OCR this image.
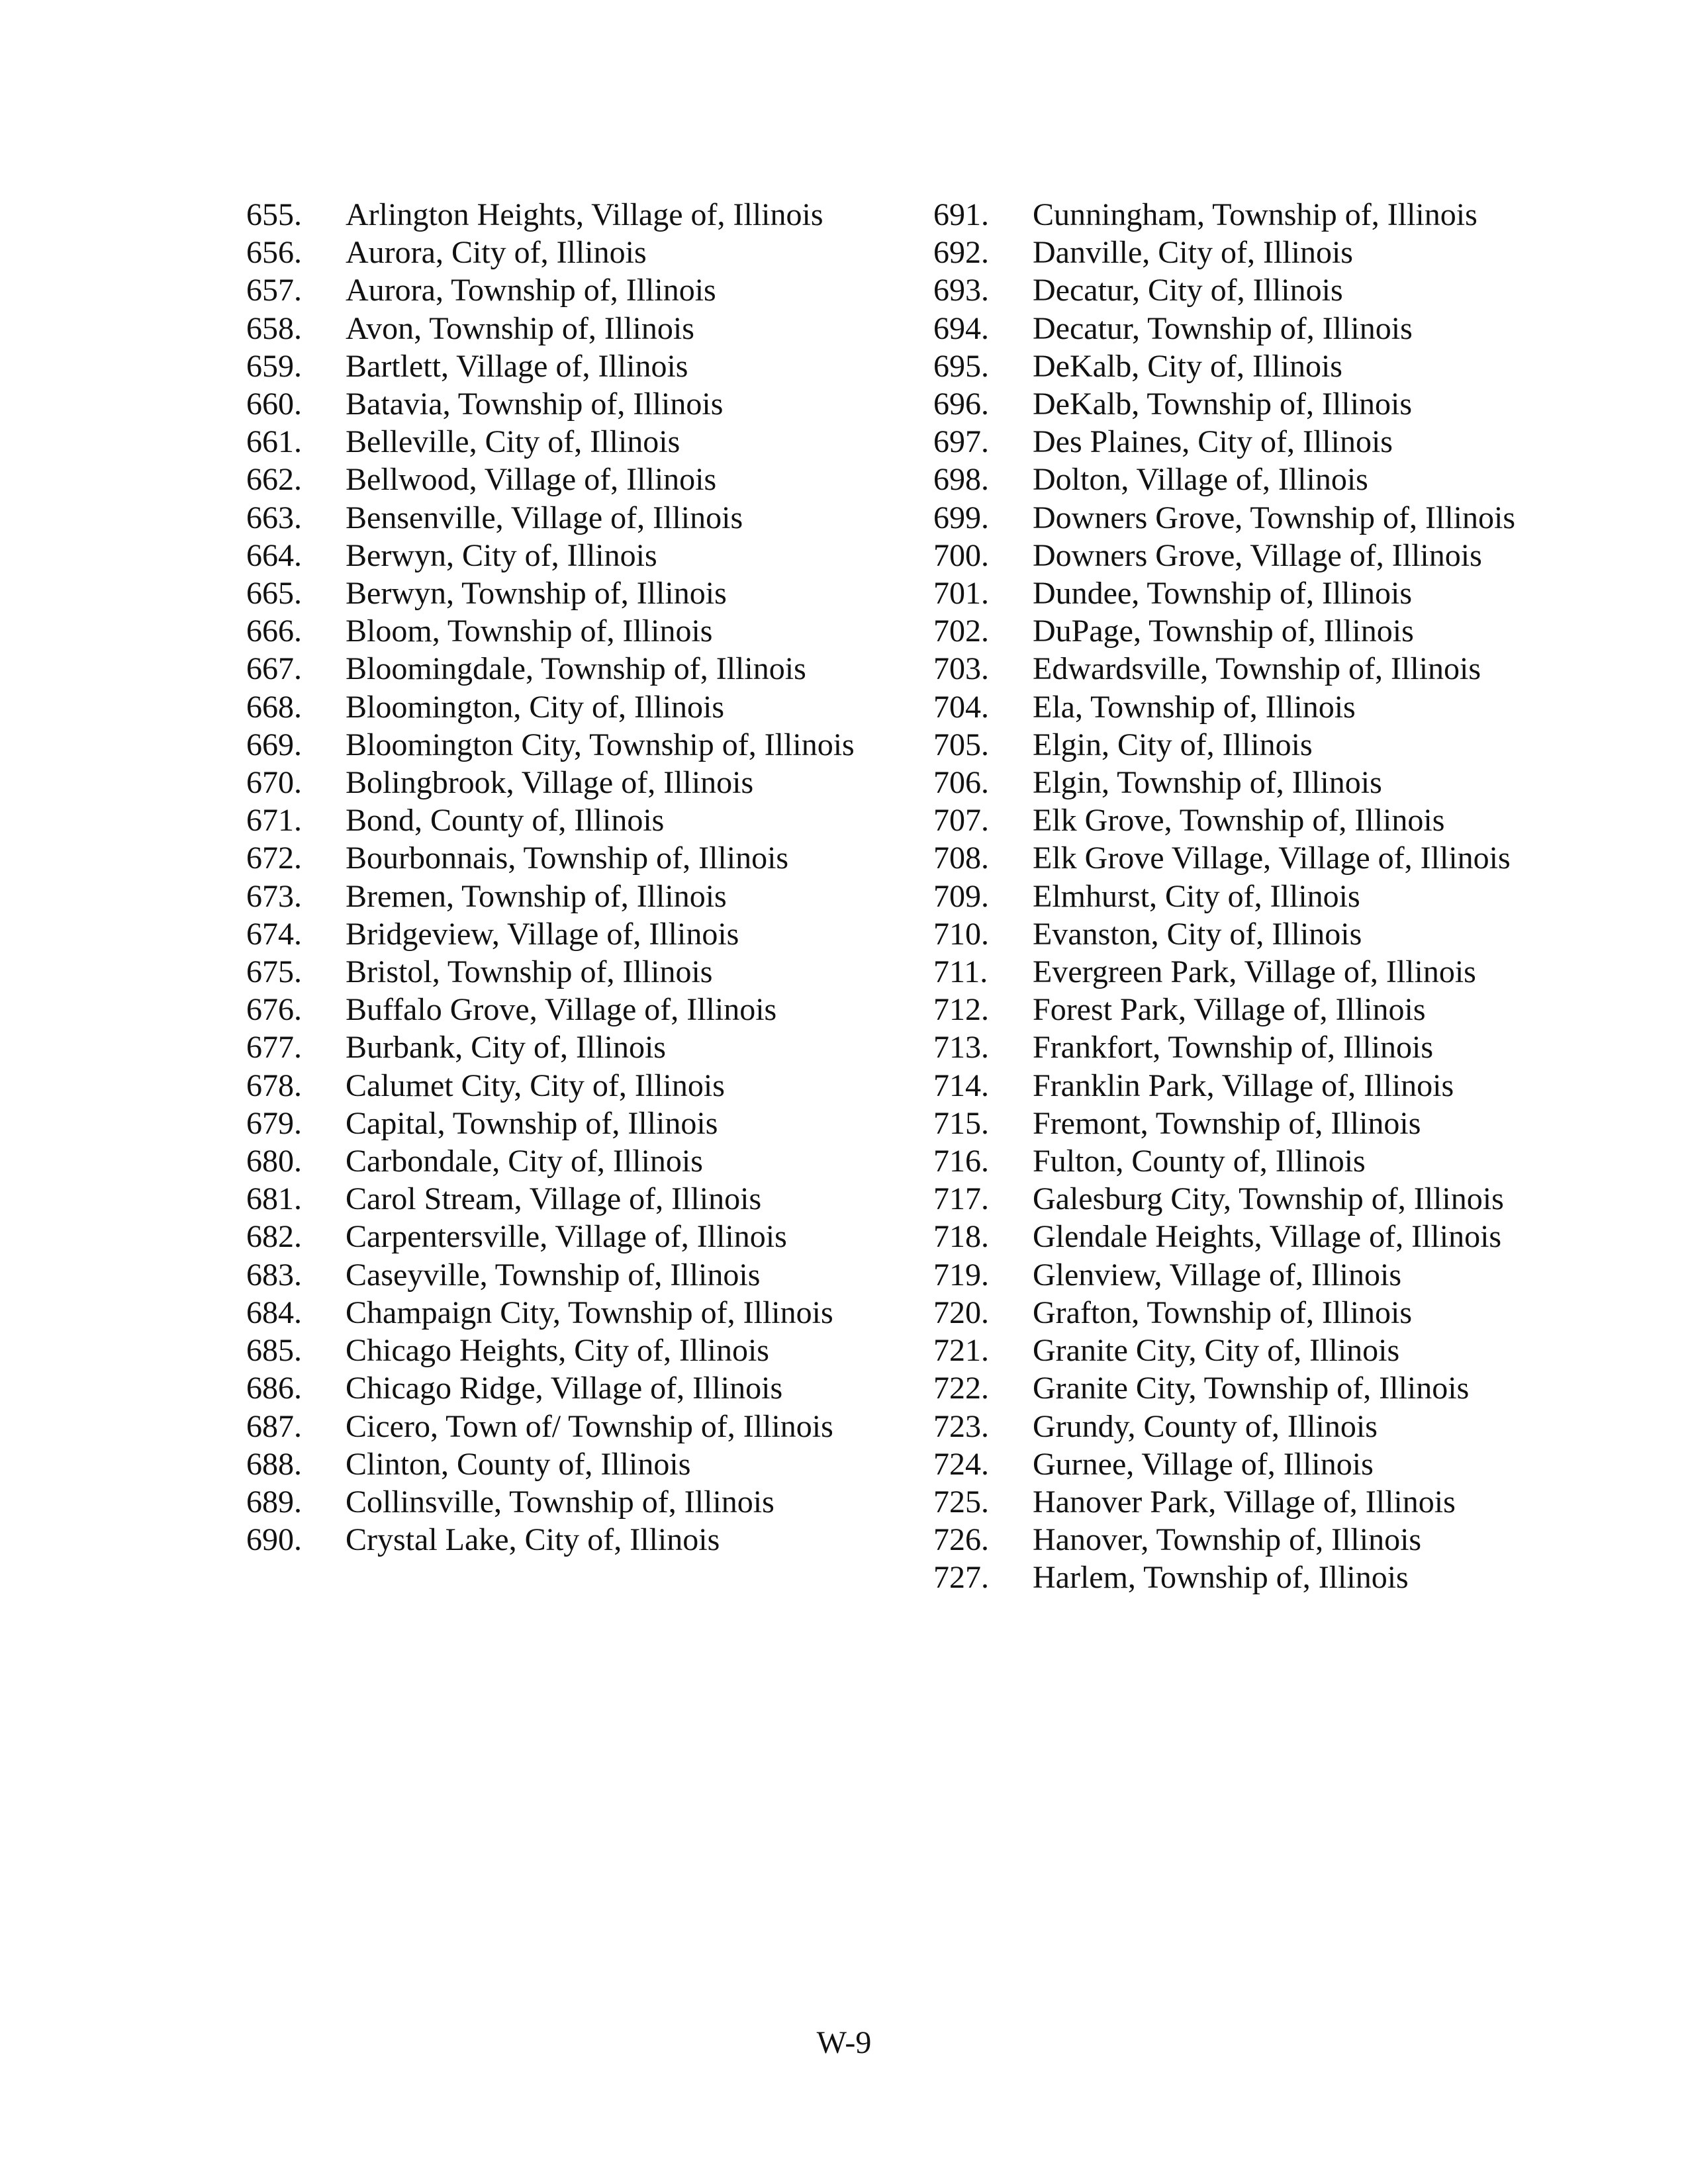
655.	Arlington Heights, Village of, Illinois
656.	Aurora, City of, Illinois
657.	Aurora, Township of, Illinois
658.	Avon, Township of, Illinois
659.	Bartlett, Village of, Illinois
660.	Batavia, Township of, Illinois
661.	Belleville, City of, Illinois
662.	Bellwood, Village of, Illinois
663.	Bensenville, Village of, Illinois
664.	Berwyn, City of, Illinois
665.	Berwyn, Township of, Illinois
666.	Bloom, Township of, Illinois
667.	Bloomingdale, Township of, Illinois
668.	Bloomington, City of, Illinois
669.	Bloomington City, Township of, Illinois
670.	Bolingbrook, Village of, Illinois
671.	Bond, County of, Illinois
672.	Bourbonnais, Township of, Illinois
673.	Bremen, Township of, Illinois
674.	Bridgeview, Village of, Illinois
675.	Bristol, Township of, Illinois
676.	Buffalo Grove, Village of, Illinois
677.	Burbank, City of, Illinois
678.	Calumet City, City of, Illinois
679.	Capital, Township of, Illinois
680.	Carbondale, City of, Illinois
681.	Carol Stream, Village of, Illinois
682.	Carpentersville, Village of, Illinois
683.	Caseyville, Township of, Illinois
684.	Champaign City, Township of, Illinois
685.	Chicago Heights, City of, Illinois
686.	Chicago Ridge, Village of, Illinois
687.	Cicero, Town of/ Township of, Illinois
688.	Clinton, County of, Illinois
689.	Collinsville, Township of, Illinois
690.	Crystal Lake, City of, Illinois
691.	Cunningham, Township of, Illinois
692.	Danville, City of, Illinois
693.	Decatur, City of, Illinois
694.	Decatur, Township of, Illinois
695.	DeKalb, City of, Illinois
696.	DeKalb, Township of, Illinois
697.	Des Plaines, City of, Illinois
698.	Dolton, Village of, Illinois
699.	Downers Grove, Township of, Illinois
700.	Downers Grove, Village of, Illinois
701.	Dundee, Township of, Illinois
702.	DuPage, Township of, Illinois
703.	Edwardsville, Township of, Illinois
704.	Ela, Township of, Illinois
705.	Elgin, City of, Illinois
706.	Elgin, Township of, Illinois
707.	Elk Grove, Township of, Illinois
708.	Elk Grove Village, Village of, Illinois
709.	Elmhurst, City of, Illinois
710.	Evanston, City of, Illinois
711.	Evergreen Park, Village of, Illinois
712.	Forest Park, Village of, Illinois
713.	Frankfort, Township of, Illinois
714.	Franklin Park, Village of, Illinois
715.	Fremont, Township of, Illinois
716.	Fulton, County of, Illinois
717.	Galesburg City, Township of, Illinois
718.	Glendale Heights, Village of, Illinois
719.	Glenview, Village of, Illinois
720.	Grafton, Township of, Illinois
721.	Granite City, City of, Illinois
722.	Granite City, Township of, Illinois
723.	Grundy, County of, Illinois
724.	Gurnee, Village of, Illinois
725.	Hanover Park, Village of, Illinois
726.	Hanover, Township of, Illinois
727.	Harlem, Township of, Illinois
W-9
